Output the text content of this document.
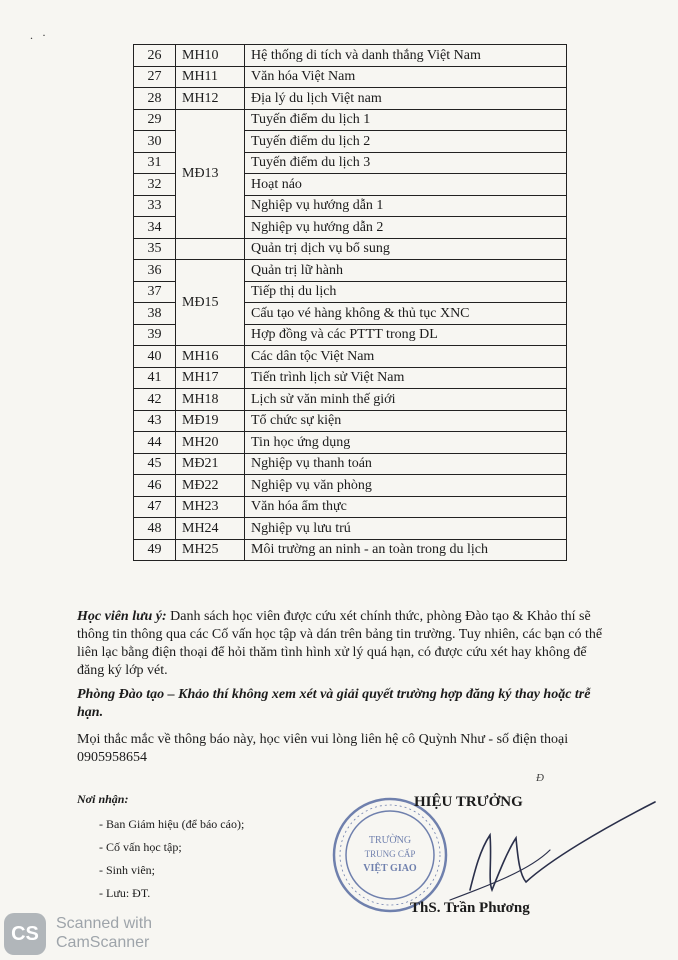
. ·
26	MH10	Hệ thống di tích và danh thắng Việt Nam
27	MH11	Văn hóa Việt Nam
28	MH12	Địa lý du lịch Việt nam
29	MĐ13	Tuyến điểm du lịch 1
30		Tuyến điểm du lịch 2
31		Tuyến điểm du lịch 3
32		Hoạt náo
33		Nghiệp vụ hướng dẫn 1
34		Nghiệp vụ hướng dẫn 2
35		Quản trị dịch vụ bổ sung
36	MĐ15	Quản trị lữ hành
37		Tiếp thị du lịch
38		Cấu tạo vé hàng không & thủ tục XNC
39		Hợp đồng và các PTTT trong DL
40	MH16	Các dân tộc Việt Nam
41	MH17	Tiến trình lịch sử Việt Nam
42	MH18	Lịch sử văn minh thế giới
43	MĐ19	Tổ chức sự kiện
44	MH20	Tin học ứng dụng
45	MĐ21	Nghiệp vụ thanh toán
46	MĐ22	Nghiệp vụ văn phòng
47	MH23	Văn hóa ẩm thực
48	MH24	Nghiệp vụ lưu trú
49	MH25	Môi trường an ninh - an toàn trong du lịch
Học viên lưu ý: Danh sách học viên được cứu xét chính thức, phòng Đào tạo & Khảo thí sẽ thông tin thông qua các Cố vấn học tập và dán trên bảng tin trường. Tuy nhiên, các bạn có thể liên lạc bằng điện thoại để hỏi thăm tình hình xử lý quá hạn, có được cứu xét hay không để đăng ký lớp vét.
Phòng Đào tạo – Khảo thí không xem xét và giải quyết trường hợp đăng ký thay hoặc trễ hạn.
Mọi thắc mắc về thông báo này, học viên vui lòng liên hệ cô Quỳnh Như - số điện thoại 0905958654
Nơi nhận:
- Ban Giám hiệu (để báo cáo);
- Cố vấn học tập;
- Sinh viên;
- Lưu: ĐT.
Đ
TRƯỜNG
TRUNG CẤP
VIỆT GIAO
HIỆU TRƯỞNG
ThS. Trần Phương
CS	Scanned with
CamScanner
